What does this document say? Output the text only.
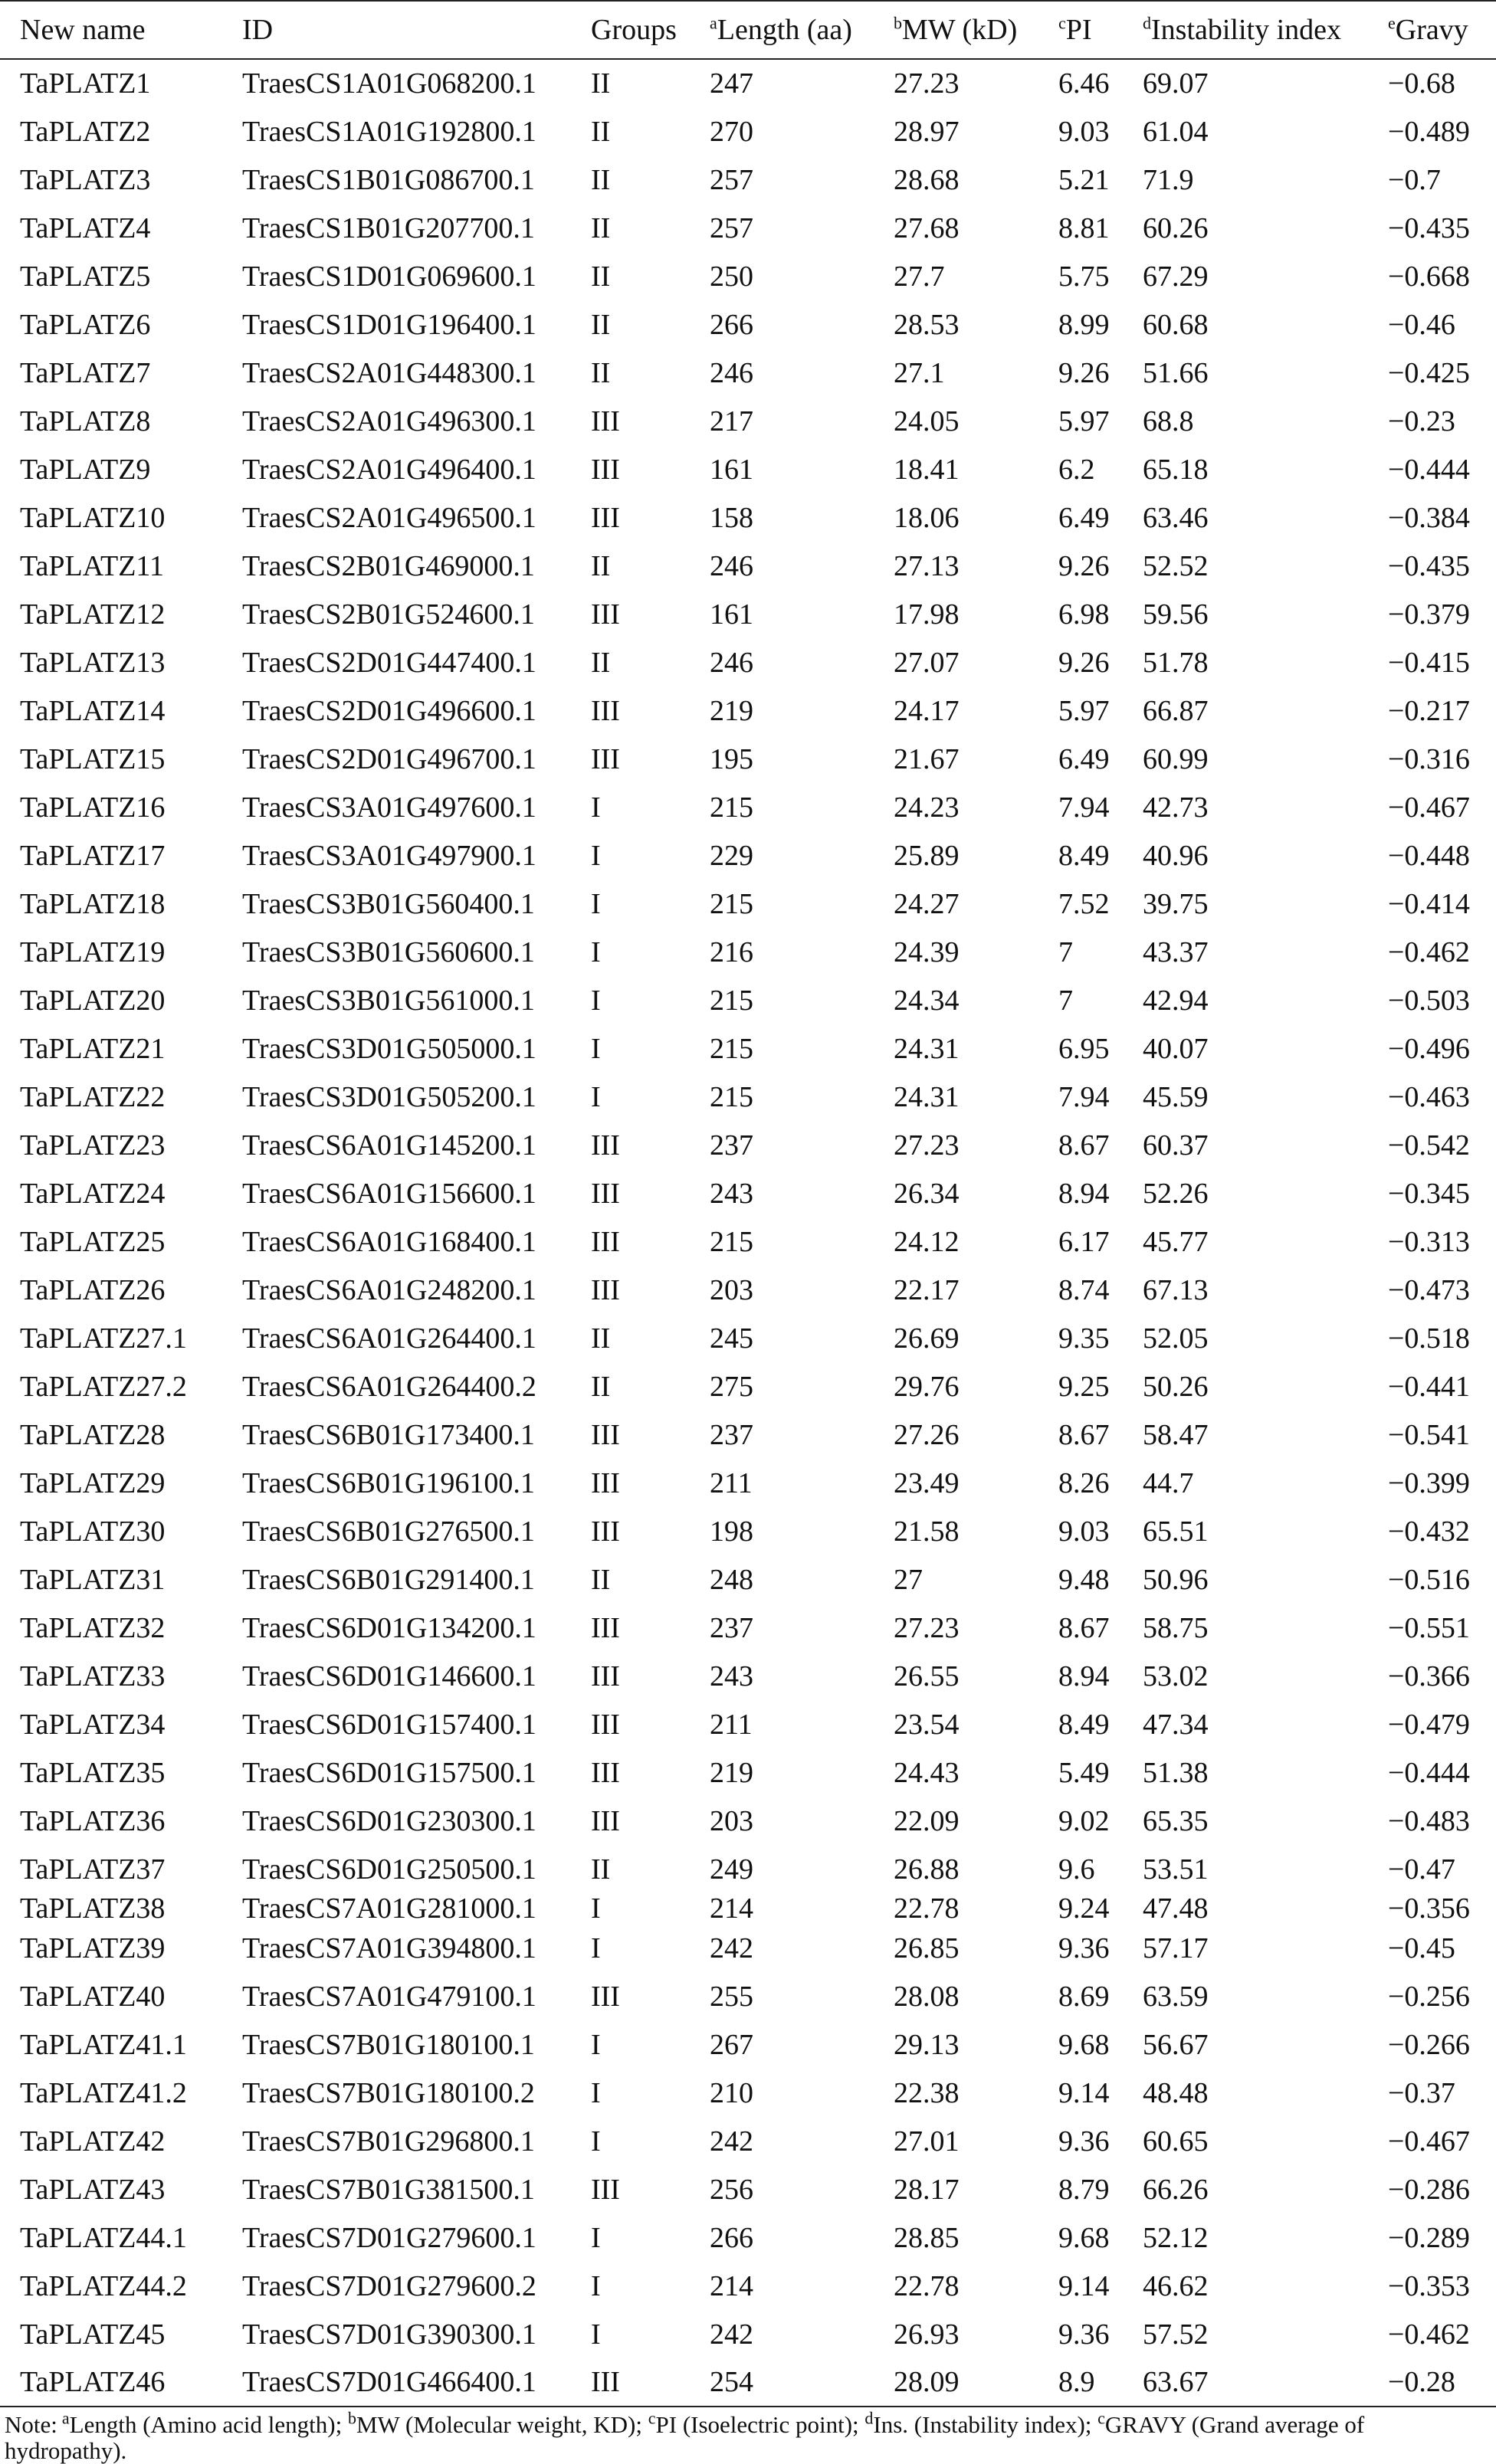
New name	ID	Groups	$^a$Length (aa)	$^b$MW (kD)	$^c$PI	$^d$Instability index	$^e$Gravy
TaPLATZ1	TraesCS1A01G068200.1	II	247	27.23	6.46	69.07	−0.68
TaPLATZ2	TraesCS1A01G192800.1	II	270	28.97	9.03	61.04	−0.489
TaPLATZ3	TraesCS1B01G086700.1	II	257	28.68	5.21	71.9	−0.7
TaPLATZ4	TraesCS1B01G207700.1	II	257	27.68	8.81	60.26	−0.435
TaPLATZ5	TraesCS1D01G069600.1	II	250	27.7	5.75	67.29	−0.668
TaPLATZ6	TraesCS1D01G196400.1	II	266	28.53	8.99	60.68	−0.46
TaPLATZ7	TraesCS2A01G448300.1	II	246	27.1	9.26	51.66	−0.425
TaPLATZ8	TraesCS2A01G496300.1	III	217	24.05	5.97	68.8	−0.23
TaPLATZ9	TraesCS2A01G496400.1	III	161	18.41	6.2	65.18	−0.444
TaPLATZ10	TraesCS2A01G496500.1	III	158	18.06	6.49	63.46	−0.384
TaPLATZ11	TraesCS2B01G469000.1	II	246	27.13	9.26	52.52	−0.435
TaPLATZ12	TraesCS2B01G524600.1	III	161	17.98	6.98	59.56	−0.379
TaPLATZ13	TraesCS2D01G447400.1	II	246	27.07	9.26	51.78	−0.415
TaPLATZ14	TraesCS2D01G496600.1	III	219	24.17	5.97	66.87	−0.217
TaPLATZ15	TraesCS2D01G496700.1	III	195	21.67	6.49	60.99	−0.316
TaPLATZ16	TraesCS3A01G497600.1	I	215	24.23	7.94	42.73	−0.467
TaPLATZ17	TraesCS3A01G497900.1	I	229	25.89	8.49	40.96	−0.448
TaPLATZ18	TraesCS3B01G560400.1	I	215	24.27	7.52	39.75	−0.414
TaPLATZ19	TraesCS3B01G560600.1	I	216	24.39	7	43.37	−0.462
TaPLATZ20	TraesCS3B01G561000.1	I	215	24.34	7	42.94	−0.503
TaPLATZ21	TraesCS3D01G505000.1	I	215	24.31	6.95	40.07	−0.496
TaPLATZ22	TraesCS3D01G505200.1	I	215	24.31	7.94	45.59	−0.463
TaPLATZ23	TraesCS6A01G145200.1	III	237	27.23	8.67	60.37	−0.542
TaPLATZ24	TraesCS6A01G156600.1	III	243	26.34	8.94	52.26	−0.345
TaPLATZ25	TraesCS6A01G168400.1	III	215	24.12	6.17	45.77	−0.313
TaPLATZ26	TraesCS6A01G248200.1	III	203	22.17	8.74	67.13	−0.473
TaPLATZ27.1	TraesCS6A01G264400.1	II	245	26.69	9.35	52.05	−0.518
TaPLATZ27.2	TraesCS6A01G264400.2	II	275	29.76	9.25	50.26	−0.441
TaPLATZ28	TraesCS6B01G173400.1	III	237	27.26	8.67	58.47	−0.541
TaPLATZ29	TraesCS6B01G196100.1	III	211	23.49	8.26	44.7	−0.399
TaPLATZ30	TraesCS6B01G276500.1	III	198	21.58	9.03	65.51	−0.432
TaPLATZ31	TraesCS6B01G291400.1	II	248	27	9.48	50.96	−0.516
TaPLATZ32	TraesCS6D01G134200.1	III	237	27.23	8.67	58.75	−0.551
TaPLATZ33	TraesCS6D01G146600.1	III	243	26.55	8.94	53.02	−0.366
TaPLATZ34	TraesCS6D01G157400.1	III	211	23.54	8.49	47.34	−0.479
TaPLATZ35	TraesCS6D01G157500.1	III	219	24.43	5.49	51.38	−0.444
TaPLATZ36	TraesCS6D01G230300.1	III	203	22.09	9.02	65.35	−0.483
TaPLATZ37	TraesCS6D01G250500.1	II	249	26.88	9.6	53.51	−0.47
TaPLATZ38	TraesCS7A01G281000.1	I	214	22.78	9.24	47.48	−0.356
TaPLATZ39	TraesCS7A01G394800.1	I	242	26.85	9.36	57.17	−0.45
TaPLATZ40	TraesCS7A01G479100.1	III	255	28.08	8.69	63.59	−0.256
TaPLATZ41.1	TraesCS7B01G180100.1	I	267	29.13	9.68	56.67	−0.266
TaPLATZ41.2	TraesCS7B01G180100.2	I	210	22.38	9.14	48.48	−0.37
TaPLATZ42	TraesCS7B01G296800.1	I	242	27.01	9.36	60.65	−0.467
TaPLATZ43	TraesCS7B01G381500.1	III	256	28.17	8.79	66.26	−0.286
TaPLATZ44.1	TraesCS7D01G279600.1	I	266	28.85	9.68	52.12	−0.289
TaPLATZ44.2	TraesCS7D01G279600.2	I	214	22.78	9.14	46.62	−0.353
TaPLATZ45	TraesCS7D01G390300.1	I	242	26.93	9.36	57.52	−0.462
TaPLATZ46	TraesCS7D01G466400.1	III	254	28.09	8.9	63.67	−0.28
Note: $^a$Length (Amino acid length); $^b$MW (Molecular weight, KD); $^c$PI (Isoelectric point); $^d$Ins. (Instability index); $^c$GRAVY (Grand average of hydropathy).
